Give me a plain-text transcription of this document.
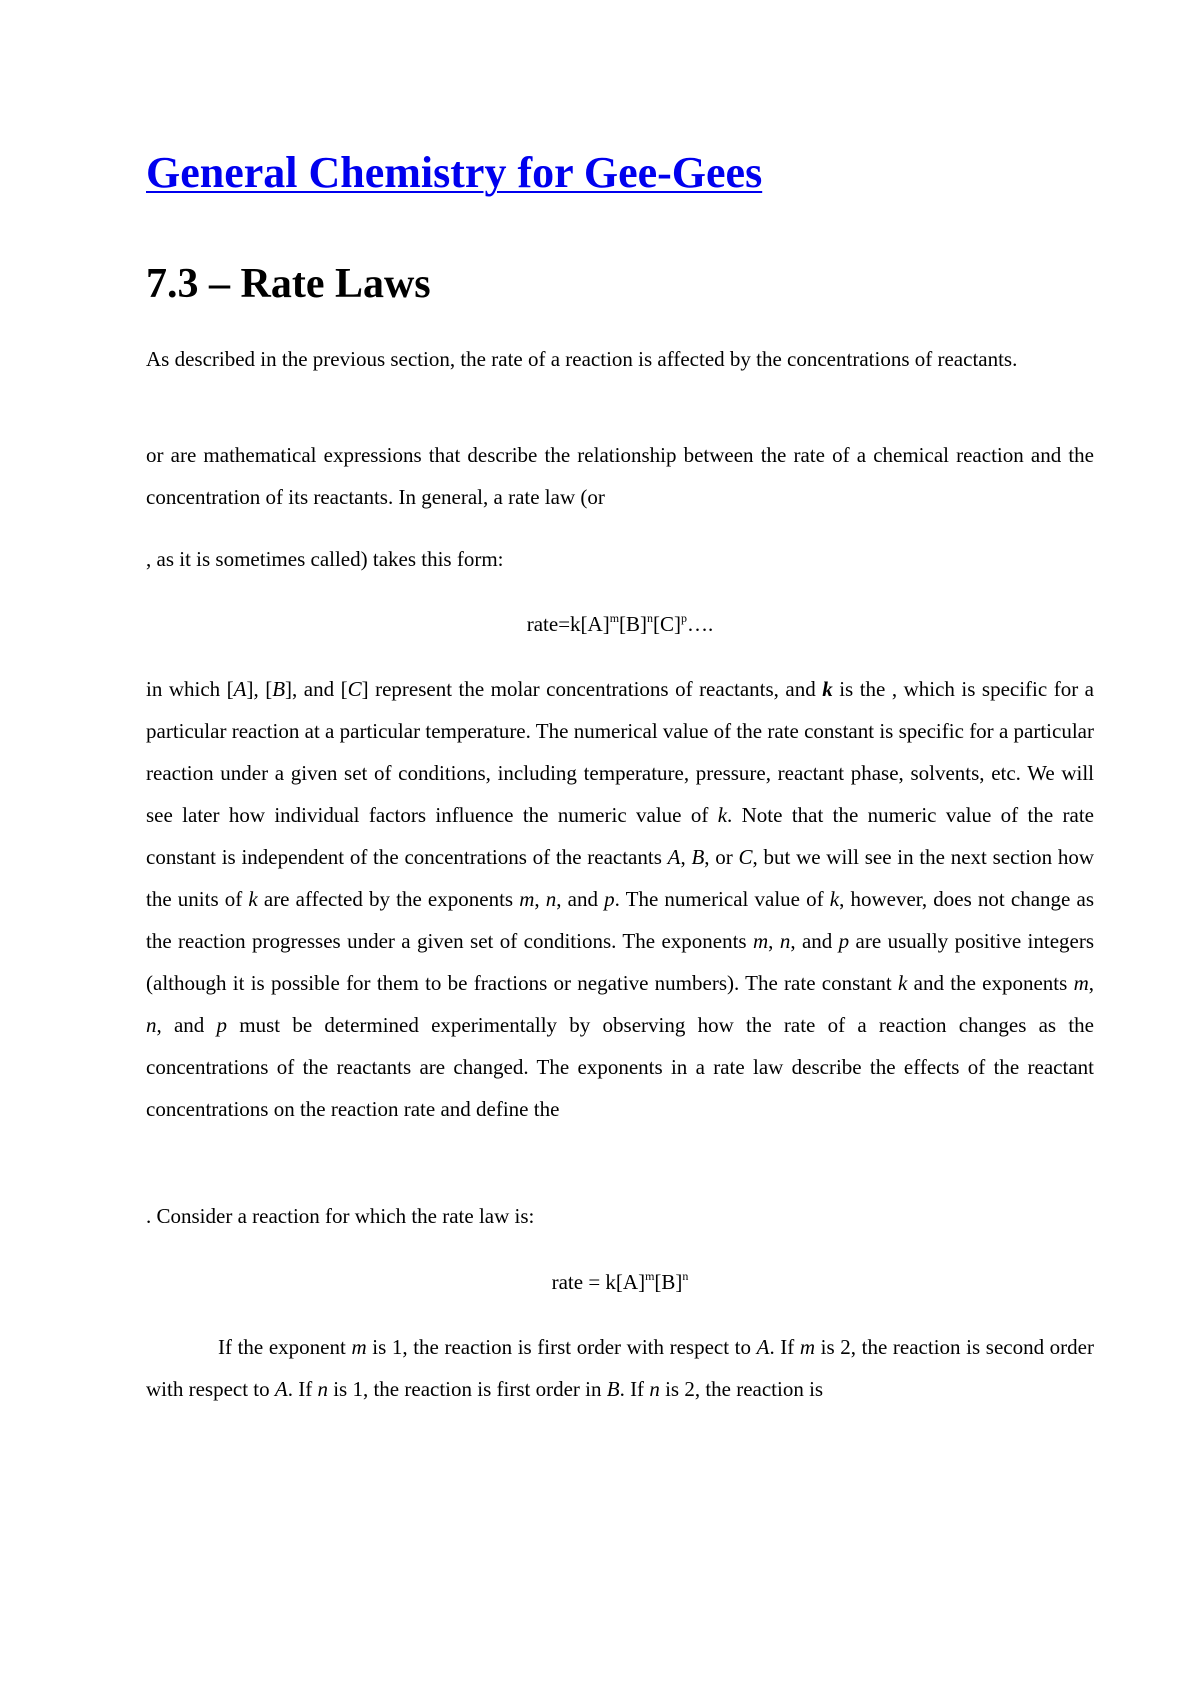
General Chemistry for Gee-Gees
7.3 – Rate Laws

As described in the previous section, the rate of a reaction is affected by the concentrations of reactants.

or are mathematical expressions that describe the relationship between the rate of a chemical reaction and the concentration of its reactants. In general, a rate law (or

, as it is sometimes called) takes this form:

$rate=k[A]^m[B]^n[C]^p\dots$.

in which [A], [B], and [C] represent the molar concentrations of reactants, and k is the , which is specific for a particular reaction at a particular temperature. The numerical value of the rate constant is specific for a particular reaction under a given set of conditions, including temperature, pressure, reactant phase, solvents, etc. We will see later how individual factors influence the numeric value of k. Note that the numeric value of the rate constant is independent of the concentrations of the reactants A, B, or C, but we will see in the next section how the units of k are affected by the exponents m, n, and p. The numerical value of k, however, does not change as the reaction progresses under a given set of conditions. The exponents m, n, and p are usually positive integers (although it is possible for them to be fractions or negative numbers). The rate constant k and the exponents m, n, and p must be determined experimentally by observing how the rate of a reaction changes as the concentrations of the reactants are changed. The exponents in a rate law describe the effects of the reactant concentrations on the reaction rate and define the

. Consider a reaction for which the rate law is:

rate = $k[A]^m[B]^n$

If the exponent m is 1, the reaction is first order with respect to A. If m is 2, the reaction is second order with respect to A. If n is 1, the reaction is first order in B. If n is 2, the reaction is
